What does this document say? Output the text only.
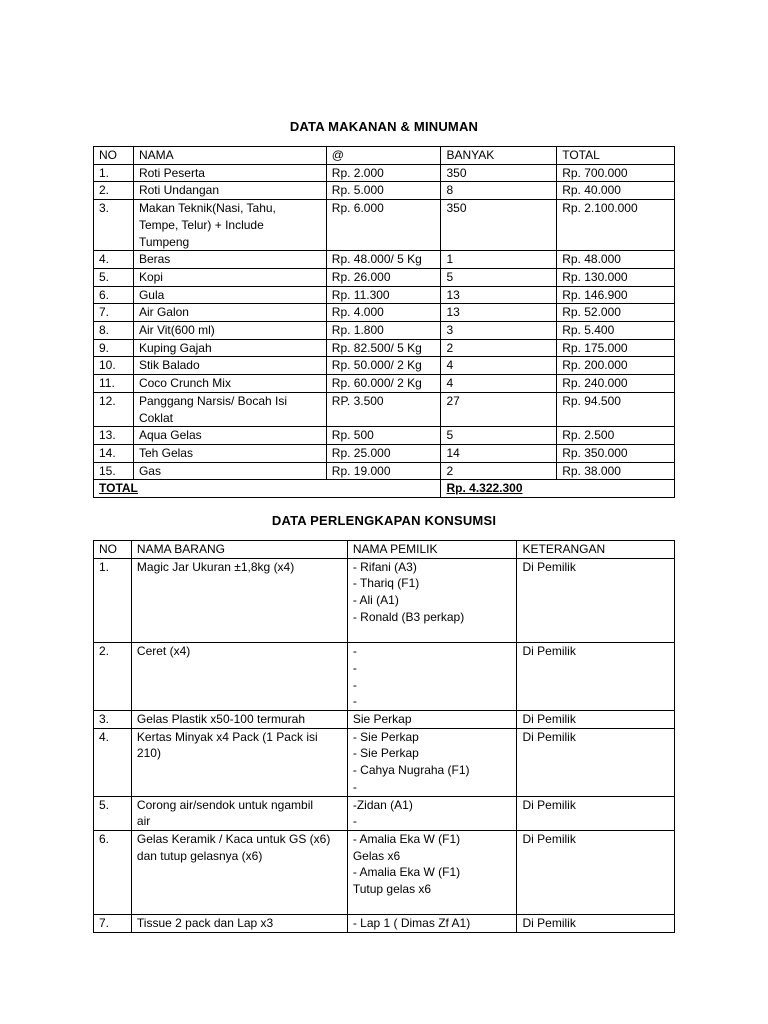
DATA MAKANAN & MINUMAN
NO	NAMA	@	BANYAK	TOTAL
1.	Roti Peserta	Rp. 2.000	350	Rp. 700.000
2.	Roti Undangan	Rp. 5.000	8	Rp. 40.000
3.	Makan Teknik(Nasi, Tahu,
Tempe, Telur) + Include
Tumpeng	Rp. 6.000	350	Rp. 2.100.000
4.	Beras	Rp. 48.000/ 5 Kg	1	Rp. 48.000
5.	Kopi	Rp. 26.000	5	Rp. 130.000
6.	Gula	Rp. 11.300	13	Rp. 146.900
7.	Air Galon	Rp. 4.000	13	Rp. 52.000
8.	Air Vit(600 ml)	Rp. 1.800	3	Rp. 5.400
9.	Kuping Gajah	Rp. 82.500/ 5 Kg	2	Rp. 175.000
10.	Stik Balado	Rp. 50.000/ 2 Kg	4	Rp. 200.000
11.	Coco Crunch Mix	Rp. 60.000/ 2 Kg	4	Rp. 240.000
12.	Panggang Narsis/ Bocah Isi
Coklat	RP. 3.500	27	Rp. 94.500
13.	Aqua Gelas	Rp. 500	5	Rp. 2.500
14.	Teh Gelas	Rp. 25.000	14	Rp. 350.000
15.	Gas	Rp. 19.000	2	Rp. 38.000
TOTAL			Rp. 4.322.300	
DATA PERLENGKAPAN KONSUMSI
NO	NAMA BARANG	NAMA PEMILIK	KETERANGAN
1.	Magic Jar Ukuran ±1,8kg (x4)	- Rifani (A3)
- Thariq (F1)
- Ali (A1)
- Ronald (B3 perkap)	Di Pemilik
2.	Ceret (x4)	-
-
-
-	Di Pemilik
3.	Gelas Plastik x50-100 termurah	Sie Perkap	Di Pemilik
4.	Kertas Minyak x4 Pack (1 Pack isi
210)	- Sie Perkap
- Sie Perkap
- Cahya Nugraha (F1)
-	Di Pemilik
5.	Corong air/sendok untuk ngambil
air	-Zidan (A1)
-	Di Pemilik
6.	Gelas Keramik / Kaca untuk GS (x6)
dan tutup gelasnya (x6)	- Amalia Eka W (F1)
Gelas x6
- Amalia Eka W (F1)
Tutup gelas x6	Di Pemilik
7.	Tissue 2 pack dan Lap x3	- Lap 1 ( Dimas Zf A1)	Di Pemilik
